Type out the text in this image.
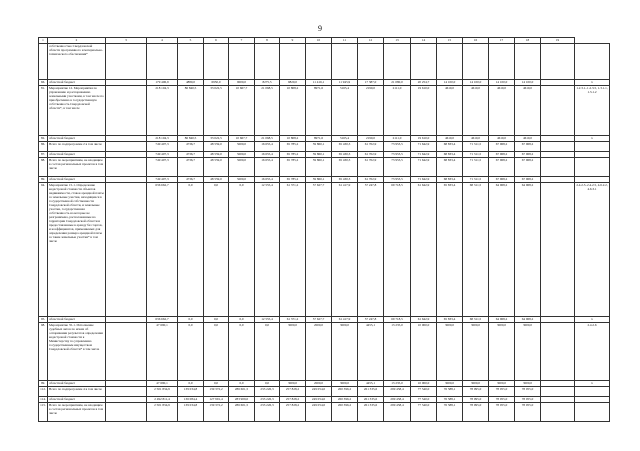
9
1	2	3	4	5	6	7	8	9	10	11	12	13	14	15	16	17	18	19	
	собственностью Свердловской области программного и материально-технического обеспечения*																		
66.	областной бюджет		179 406,9	4880,0	6950,0	9000,0	8275,5	9820,0	11 416,1	11 945,9	17 387,0	21 080,0	20 254,7	14 100,0	14 100,0	14 100,0	14 100,0		x
81.	Мероприятие 12. Мероприятия по управлению и распоряжению земельными участками, в том числе по приобретению в государственную собственность Свердловской области*, в том числе		218 104,3	86 840,5	33 022,5	10 667,7	21 068,5	10 808,2	8971,6	5165,4	2190,0	2111,0	19 610,0	4610,0	4610,0	4610,0	4610,0		1.2.3.1–1.2.3.5, 1.3.1.1, 1.3.1.2
82.	областной бюджет		218 104,3	86 840,5	33 022,5	10 667,7	21 068,5	10 808,2	8971,6	5165,4	2190,0	2111,0	19 610,0	4610,0	4610,0	4610,0	4610,0		x
86.	Всего по подпрограмме 2 в том числе		749 407,3	4736,7	48 559,0	5000,0	16 655,4	65 785,2	59 860,1	65 430,3	61 702,9	73 953,5	71 642,9	68 833,4	71 311,5	67 968,2	67 968,2		
87.	областной бюджет		749 407,3	4736,7	48 559,0	5000,0	16 655,4	65 785,2	59 860,1	65 430,3	61 702,9	73 953,5	71 642,9	68 833,4	71 311,5	67 968,2	67 968,2		
88.	Всего по мероприятиям, не входящим в состав региональных проектов в том числе		749 407,3	4736,7	48 559,0	5000,0	16 655,4	65 785,2	59 860,1	65 430,3	61 702,9	73 953,5	71 642,9	68 833,4	71 311,5	67 968,2	67 968,2		
89.	областной бюджет		749 407,3	4736,7	48 559,0	5000,0	16 655,4	65 785,2	59 860,1	65 430,3	61 702,9	73 953,5	71 642,9	68 833,4	71 311,5	67 968,2	67 968,2		
94.	Мероприятие 15-1. Определение кадастровой стоимости объектов недвижимости, ставок арендной платы за земельные участки, находящиеся в государственной собственности Свердловской области, и земельные участки, государственная собственность на которые не разграничена, расположенные на территории Свердловской области и предоставленные в аренду без торгов, и коэффициентов, применяемых для определения размера арендной платы за такие земельные участки* в том числе		636 662,7	0,0	0,0	0,0	12 555,4	61 371,2	57 627,7	61 417,9	57 247,8	69 718,5	61 642,9	65 833,4	68 311,5	64 968,2	64 968,2		2.4.2.3–2.4.2.5, 4.6.2.2, 4.6.3.1
95.	областной бюджет		636 662,7	0,0	0,0	0,0	12 555,4	61 371,2	57 627,7	61 417,9	57 247,8	69 718,5	61 642,9	65 833,4	68 311,5	64 968,2	64 968,2		x
98.	Мероприятие 35-1. Исполнение судебных актов по искам об оспаривании результатов определения кадастровой стоимости к Министерству по управлению государственным имуществом Свердловской области* в том числе		47 690,1	0,0	0,0	0,0	0,0	3000,0	2000,0	3000,0	4455,1	13 235,0	10 000,0	3000,0	3000,0	3000,0	3000,0		2.4.2.6
99.	областной бюджет		47 690,1	0,0	0,0	0,0	0,0	3000,0	2000,0	3000,0	4455,1	13 235,0	10 000,0	3000,0	3000,0	3000,0	3000,0		x
112.	Всего по подпрограмме 4 в том числе		2 501 834,9	139 034,8	139 372,2	286 601,5	233 226,3	257 828,2	249 054,0	260 396,2	261 335,6	299 458,4	77 540,0	76 588,1	78 095,0	78 055,0	78 055,0		
114.	областной бюджет		2 492 811,4	136 084,4	127 991,4	283 909,0	233 226,3	257 828,2	249 054,0	260 396,2	261 335,6	299 458,4	77 540,0	76 588,1	78 095,0	78 055,0	78 055,0		
115.	Всего по мероприятиям, не входящим в состав региональных проектов в том числе		2 501 834,9	139 034,8	139 372,2	286 601,5	233 226,3	257 828,2	249 054,0	260 396,2	261 335,6	299 458,4	77 540,0	76 588,1	78 095,0	78 055,0	78 055,0		
